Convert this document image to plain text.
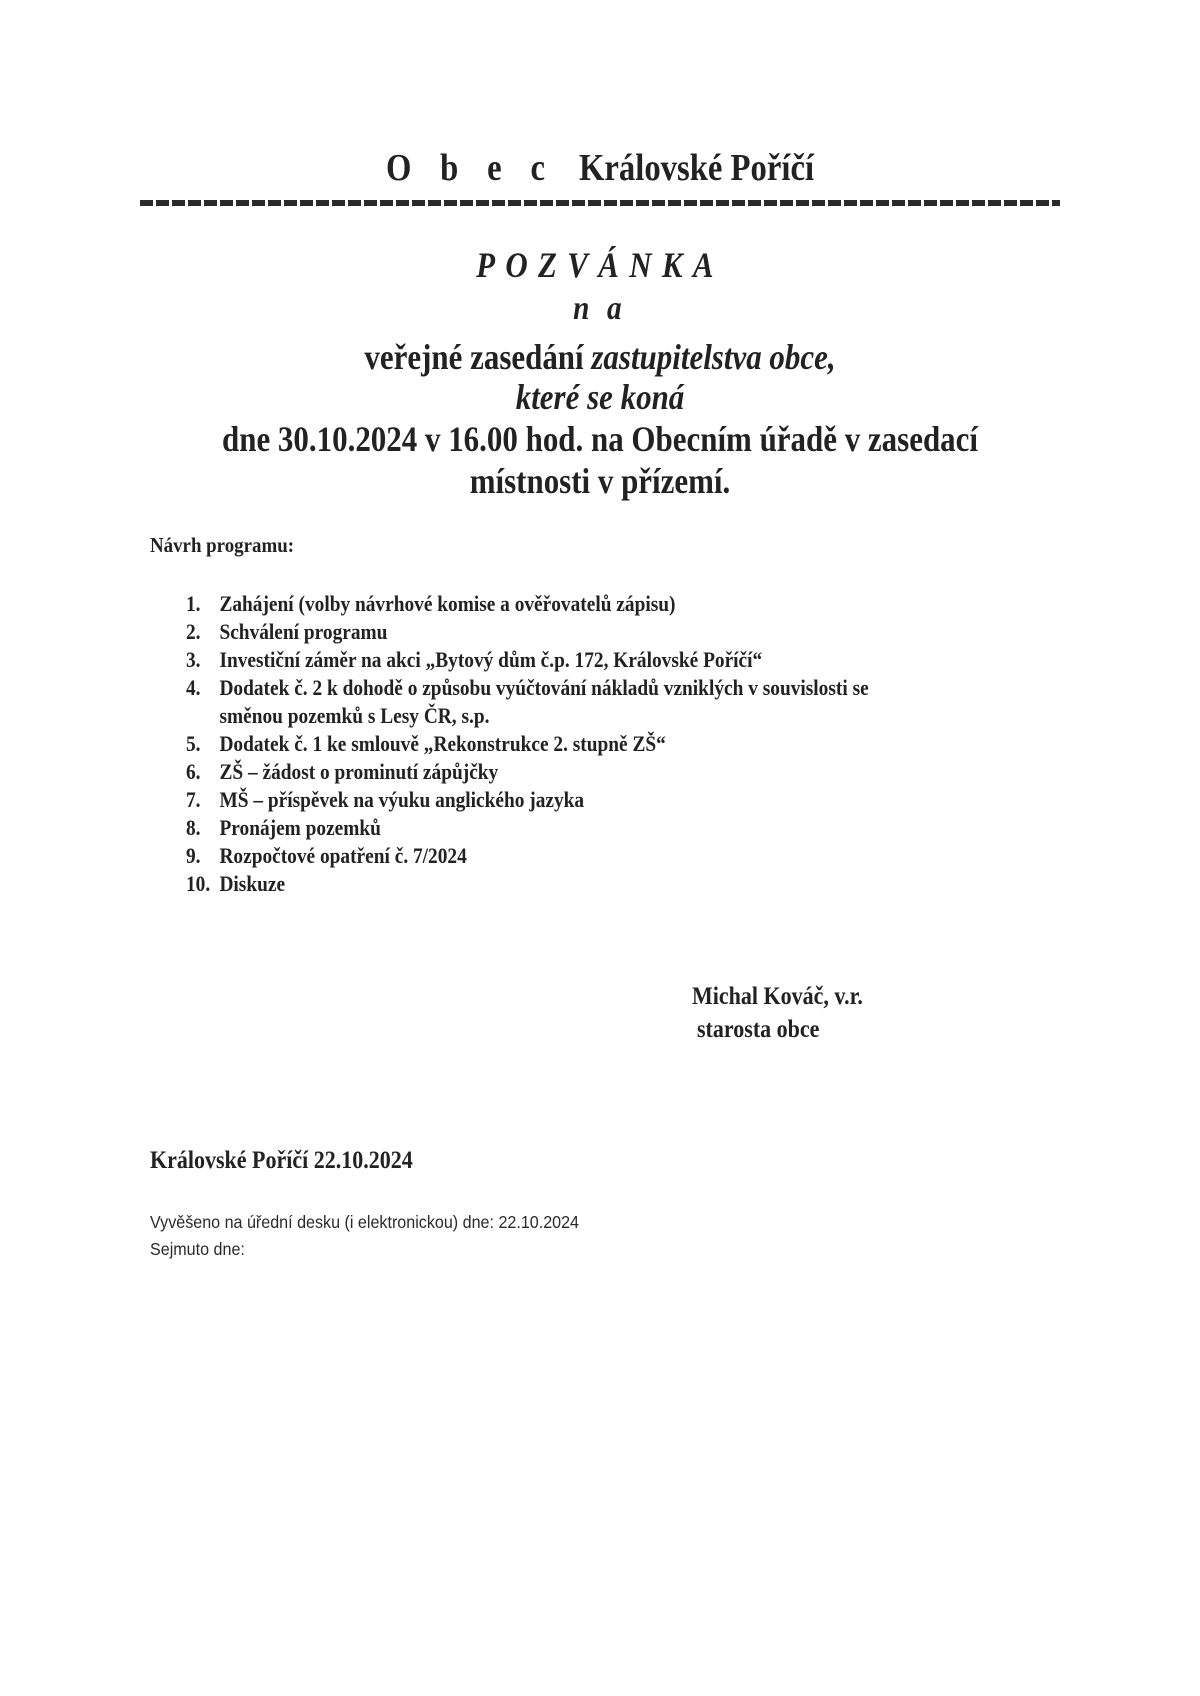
O b e c Královské Poříčí
POZVÁNKA
n a
veřejné zasedání zastupitelstva obce,
které se koná
dne 30.10.2024 v 16.00 hod. na Obecním úřadě v zasedací
místnosti v přízemí.
Návrh programu:
1. Zahájení (volby návrhové komise a ověřovatelů zápisu)
2. Schválení programu
3. Investiční záměr na akci „Bytový dům č.p. 172, Královské Poříčí“
4. Dodatek č. 2 k dohodě o způsobu vyúčtování nákladů vzniklých v souvislosti se
směnou pozemků s Lesy ČR, s.p.
5. Dodatek č. 1 ke smlouvě „Rekonstrukce 2. stupně ZŠ“
6. ZŠ – žádost o prominutí zápůjčky
7. MŠ – příspěvek na výuku anglického jazyka
8. Pronájem pozemků
9. Rozpočtové opatření č. 7/2024
10. Diskuze
Michal Kováč, v.r.
starosta obce
Královské Poříčí 22.10.2024
Vyvěšeno na úřední desku (i elektronickou) dne: 22.10.2024
Sejmuto dne:
